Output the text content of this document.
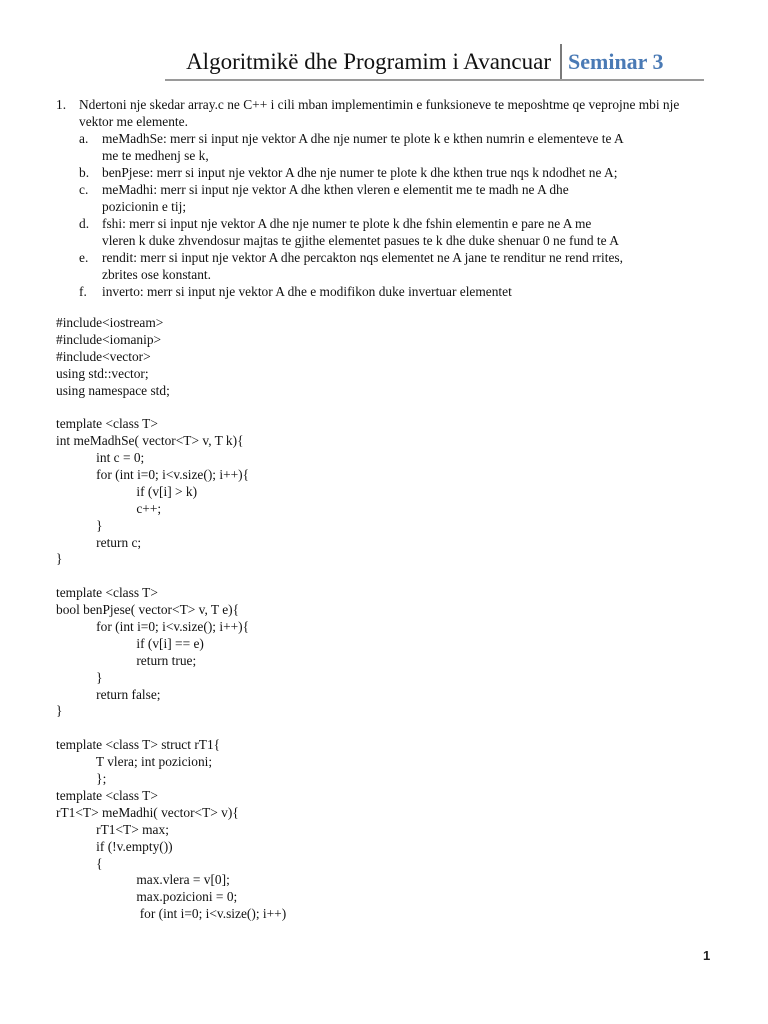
Algoritmikë dhe Programim i Avancuar Seminar 3
1. Ndertoni nje skedar array.c ne C++ i cili mban implementimin e funksioneve te meposhtme qe veprojne mbi nje vektor me elemente.
a. meMadhSe: merr si input nje vektor A dhe nje numer te plote k e kthen numrin e elementeve te A
me te medhenj se k,
b. benPjese: merr si input nje vektor A dhe nje numer te plote k dhe kthen true nqs k ndodhet ne A;
c. meMadhi: merr si input nje vektor A dhe kthen vleren e elementit me te madh ne A dhe
pozicionin e tij;
d. fshi: merr si input nje vektor A dhe nje numer te plote k dhe fshin elementin e pare ne A me
vleren k duke zhvendosur majtas te gjithe elementet pasues te k dhe duke shenuar 0 ne fund te A
e. rendit: merr si input nje vektor A dhe percakton nqs elementet ne A jane te renditur ne rend rrites,
zbrites ose konstant.
f. inverto: merr si input nje vektor A dhe e modifikon duke invertuar elementet
#include<iostream>
#include<iomanip>
#include<vector>
using std::vector;
using namespace std;
template <class T>
int meMadhSe( vector<T> v, T k){
int c = 0;
for (int i=0; i<v.size(); i++){
if (v[i] > k)
c++;
}
return c;
}
template <class T>
bool benPjese( vector<T> v, T e){
for (int i=0; i<v.size(); i++){
if (v[i] == e)
return true;
}
return false;
}
template <class T> struct rT1{
T vlera; int pozicioni;
};
template <class T>
rT1<T> meMadhi( vector<T> v){
rT1<T> max;
if (!v.empty())
{
max.vlera = v[0];
max.pozicioni = 0;
for (int i=0; i<v.size(); i++)
1
